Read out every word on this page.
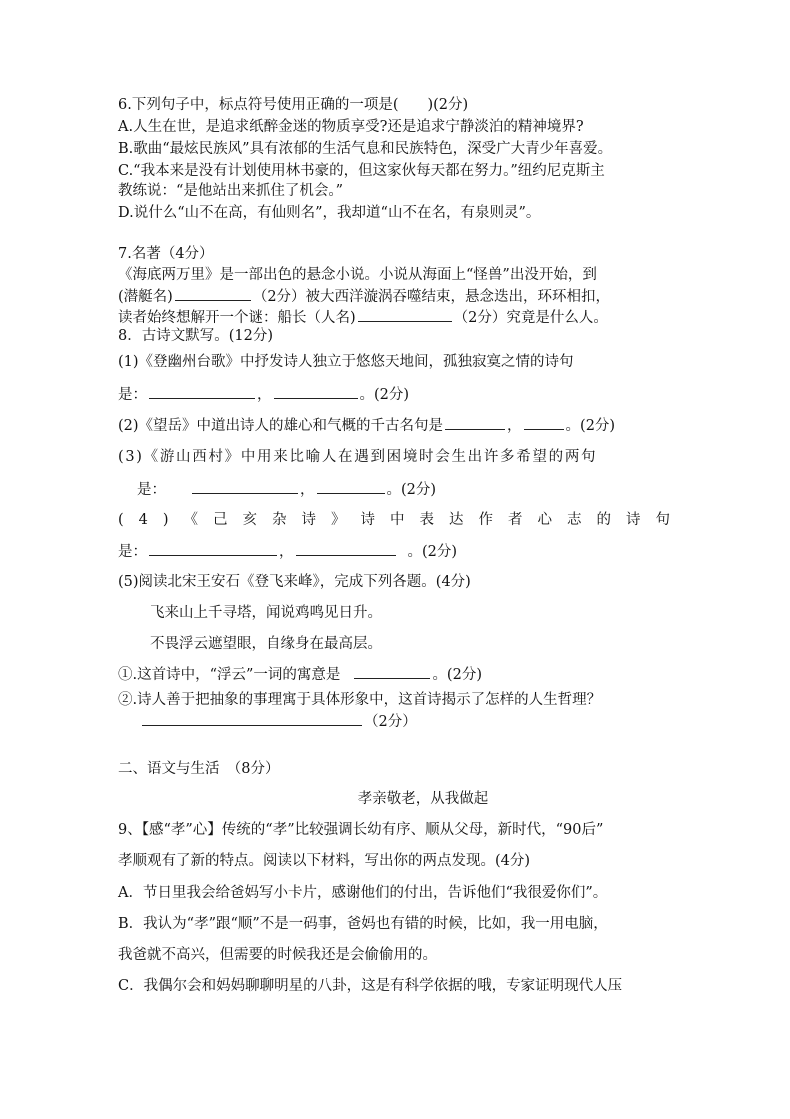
6.下列句子中，标点符号使用正确的一项是(　　)(2分)
A.人生在世，是追求纸醉金迷的物质享受?还是追求宁静淡泊的精神境界?
B.歌曲“最炫民族风”具有浓郁的生活气息和民族特色，深受广大青少年喜爱。
C.“我本来是没有计划使用林书豪的，但这家伙每天都在努力。”纽约尼克斯主
教练说：“是他站出来抓住了机会。”
D.说什么“山不在高，有仙则名”，我却道“山不在名，有泉则灵”。
7.名著（4分）
《海底两万里》是一部出色的悬念小说。小说从海面上“怪兽”出没开始，到
(潜艇名)	（2分）被大西洋漩涡吞噬结束，悬念迭出，环环相扣，
读者始终想解开一个谜：船长（人名)	（2分）究竟是什么人。
8．古诗文默写。(12分)
(1)《登幽州台歌》中抒发诗人独立于悠悠天地间，孤独寂寞之情的诗句
是：	，	。(2分)
(2)《望岳》中道出诗人的雄心和气概的千古名句是	，	。(2分)
(3)《游山西村》中用来比喻人在遇到困境时会生出许多希望的两句
是：	，	。(2分)
(4)《己亥杂诗》诗中表达作者心志的诗句
是：	，	。(2分)
(5)阅读北宋王安石《登飞来峰》，完成下列各题。(4分)
飞来山上千寻塔，闻说鸡鸣见日升。
不畏浮云遮望眼，自缘身在最高层。
①.这首诗中，“浮云”一词的寓意是	。(2分)
②.诗人善于把抽象的事理寓于具体形象中，这首诗揭示了怎样的人生哲理？
（2分）
二、语文与生活　（8分）
孝亲敬老，从我做起
9、【感“孝”心】传统的“孝”比较强调长幼有序、顺从父母，新时代，“90后”
孝顺观有了新的特点。阅读以下材料，写出你的两点发现。(4分)
A．节日里我会给爸妈写小卡片，感谢他们的付出，告诉他们“我很爱你们”。
B．我认为“孝”跟“顺”不是一码事，爸妈也有错的时候，比如，我一用电脑，
我爸就不高兴，但需要的时候我还是会偷偷用的。
C．我偶尔会和妈妈聊聊明星的八卦，这是有科学依据的哦，专家证明现代人压
